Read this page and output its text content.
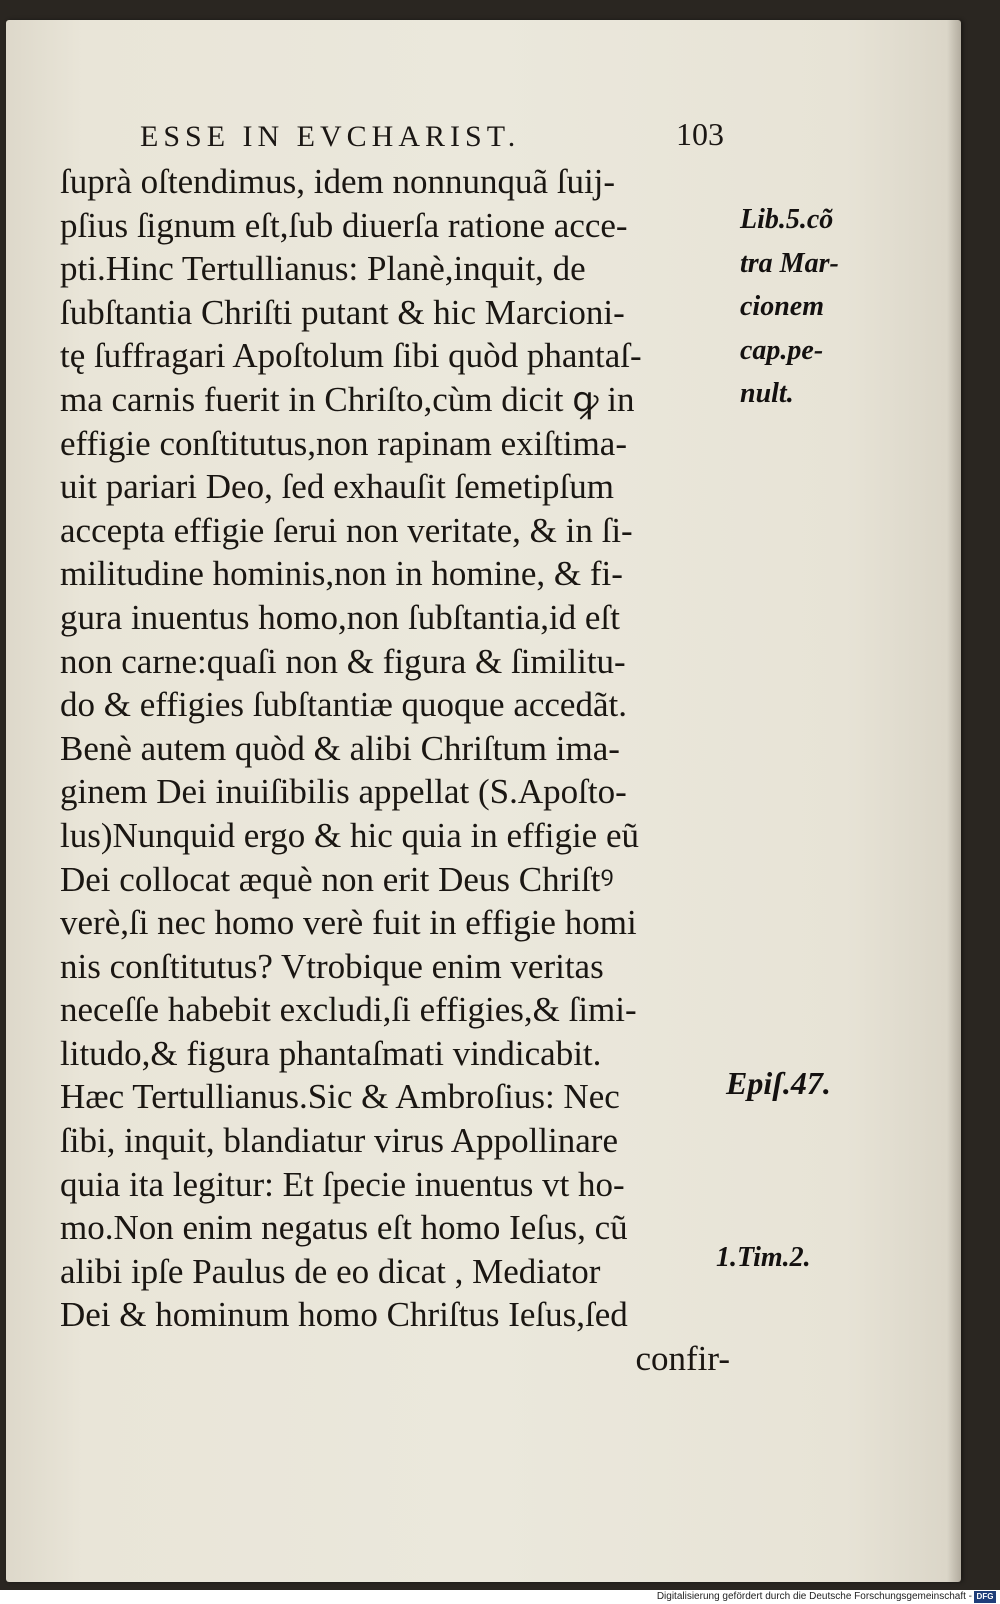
ESSE IN EVCHARIST.	103
ſuprà oſtendimus, idem nonnunquã ſuij-
pſius ſignum eſt,ſub diuerſa ratione acce-
pti.Hinc Tertullianus: Planè,inquit, de
ſubſtantia Chriſti putant & hic Marcioni-
tę ſuffragari Apoſtolum ſibi quòd phantaſ-
ma carnis fuerit in Chriſto,cùm dicit ꝙ in
effigie conſtitutus,non rapinam exiſtima-
uit pariari Deo, ſed exhauſit ſemetipſum
accepta effigie ſerui non veritate, & in ſi-
militudine hominis,non in homine, & fi-
gura inuentus homo,non ſubſtantia,id eſt
non carne:quaſi non & figura & ſimilitu-
do & effigies ſubſtantiæ quoque accedãt.
Benè autem quòd & alibi Chriſtum ima-
ginem Dei inuiſibilis appellat (S.Apoſto-
lus)Nunquid ergo & hic quia in effigie eũ
Dei collocat æquè non erit Deus Chriſtꝰ
verè,ſi nec homo verè fuit in effigie homi
nis conſtitutus? Vtrobique enim veritas
neceſſe habebit excludi,ſi effigies,& ſimi-
litudo,& figura phantaſmati vindicabit.
Hæc Tertullianus.Sic & Ambroſius: Nec
ſibi, inquit, blandiatur virus Appollinare
quia ita legitur: Et ſpecie inuentus vt ho-
mo.Non enim negatus eſt homo Ieſus, cũ
alibi ipſe Paulus de eo dicat , Mediator
Dei & hominum homo Chriſtus Ieſus,ſed
confir-
Lib.5.cõ
tra Mar-
cionem
cap.pe-
nult.
Epiſ.47.
1.Tim.2.
Digitalisierung gefördert durch die Deutsche Forschungsgemeinschaft - DFG
